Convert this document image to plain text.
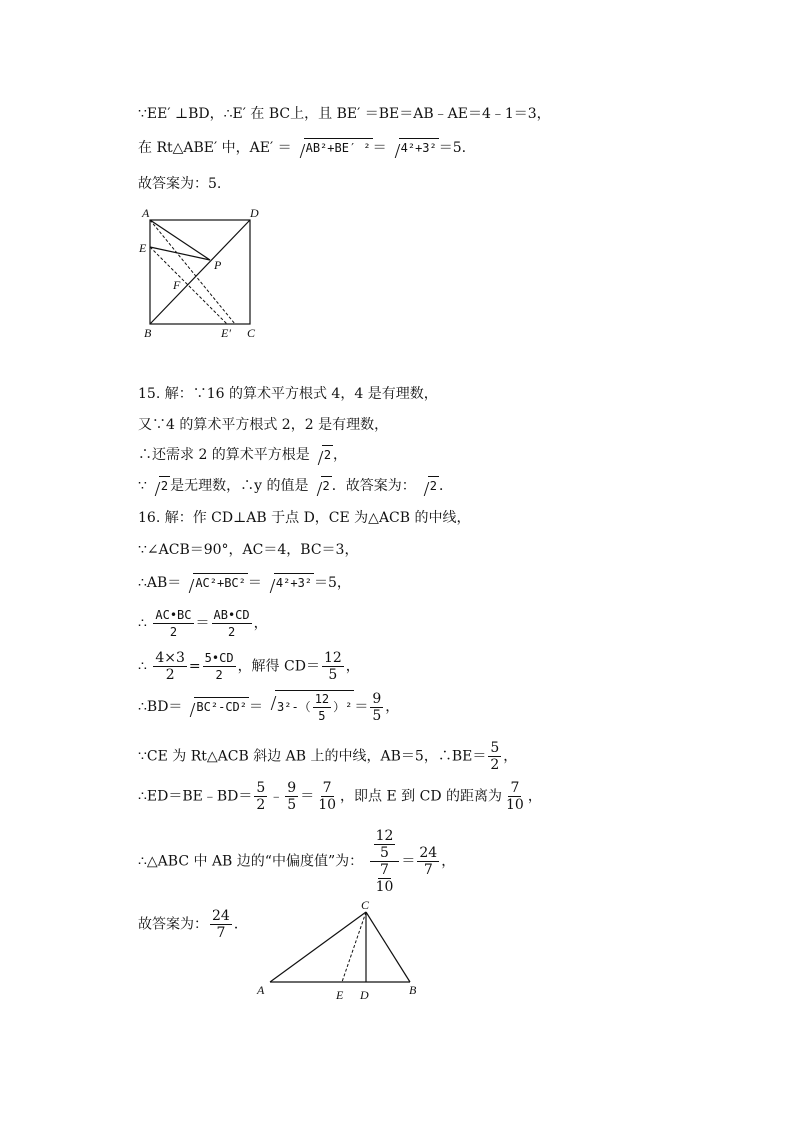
∵EE′ ⊥BD，∴E′ 在 BC上，且 BE′ ＝BE＝AB﹣AE＝4﹣1＝3，
在 Rt△ABE′ 中，AE′ ＝ AB²+BE′ ² ＝ 4²+3² ＝5.
故答案为：5.
A	D
E
P
F
B	E′ C
15. 解：∵16 的算术平方根式 4，4 是有理数，
又∵4 的算术平方根式 2，2 是有理数，
∴还需求 2 的算术平方根是 2 ，
∵ 2 是无理数，∴y 的值是 2 ．故答案为： 2 ．
16. 解：作 CD⊥AB 于点 D，CE 为△ACB 的中线，
∵∠ACB＝90°，AC＝4，BC＝3，
∴AB＝ AC²+BC² ＝ 4²+3² ＝5，
∴ $\frac{AC•BC}{2} = \frac{AB•CD}{2}$ ，
∴ $\frac{4\times 3}{2} = \frac{5•CD}{2}$ ，解得 $CD= \frac{12}{5}$ ，
∴BD＝ $BC^2-CD^2 = 3^2-( \frac{12}{5} )^2 = \frac{9}{5}$ ，
∵CE 为 Rt△ACB 斜边 AB 上的中线，AB＝5，∴BE＝ $\frac{5}{2}$ ，
∴ED＝BE﹣BD＝ $\frac{5}{2}$ ﹣ $\frac{9}{5} = \frac{7}{10}$ ，即点 E 到 CD 的距离为 $\frac{7}{10}$ ，
∴△ABC 中 AB 边的“中偏度值”为： $\frac{\frac{12}{5}}{\frac{7}{10}} = \frac{24}{7}$ ，
故答案为： $\frac{24}{7}$ ．
A	E D	B
C
